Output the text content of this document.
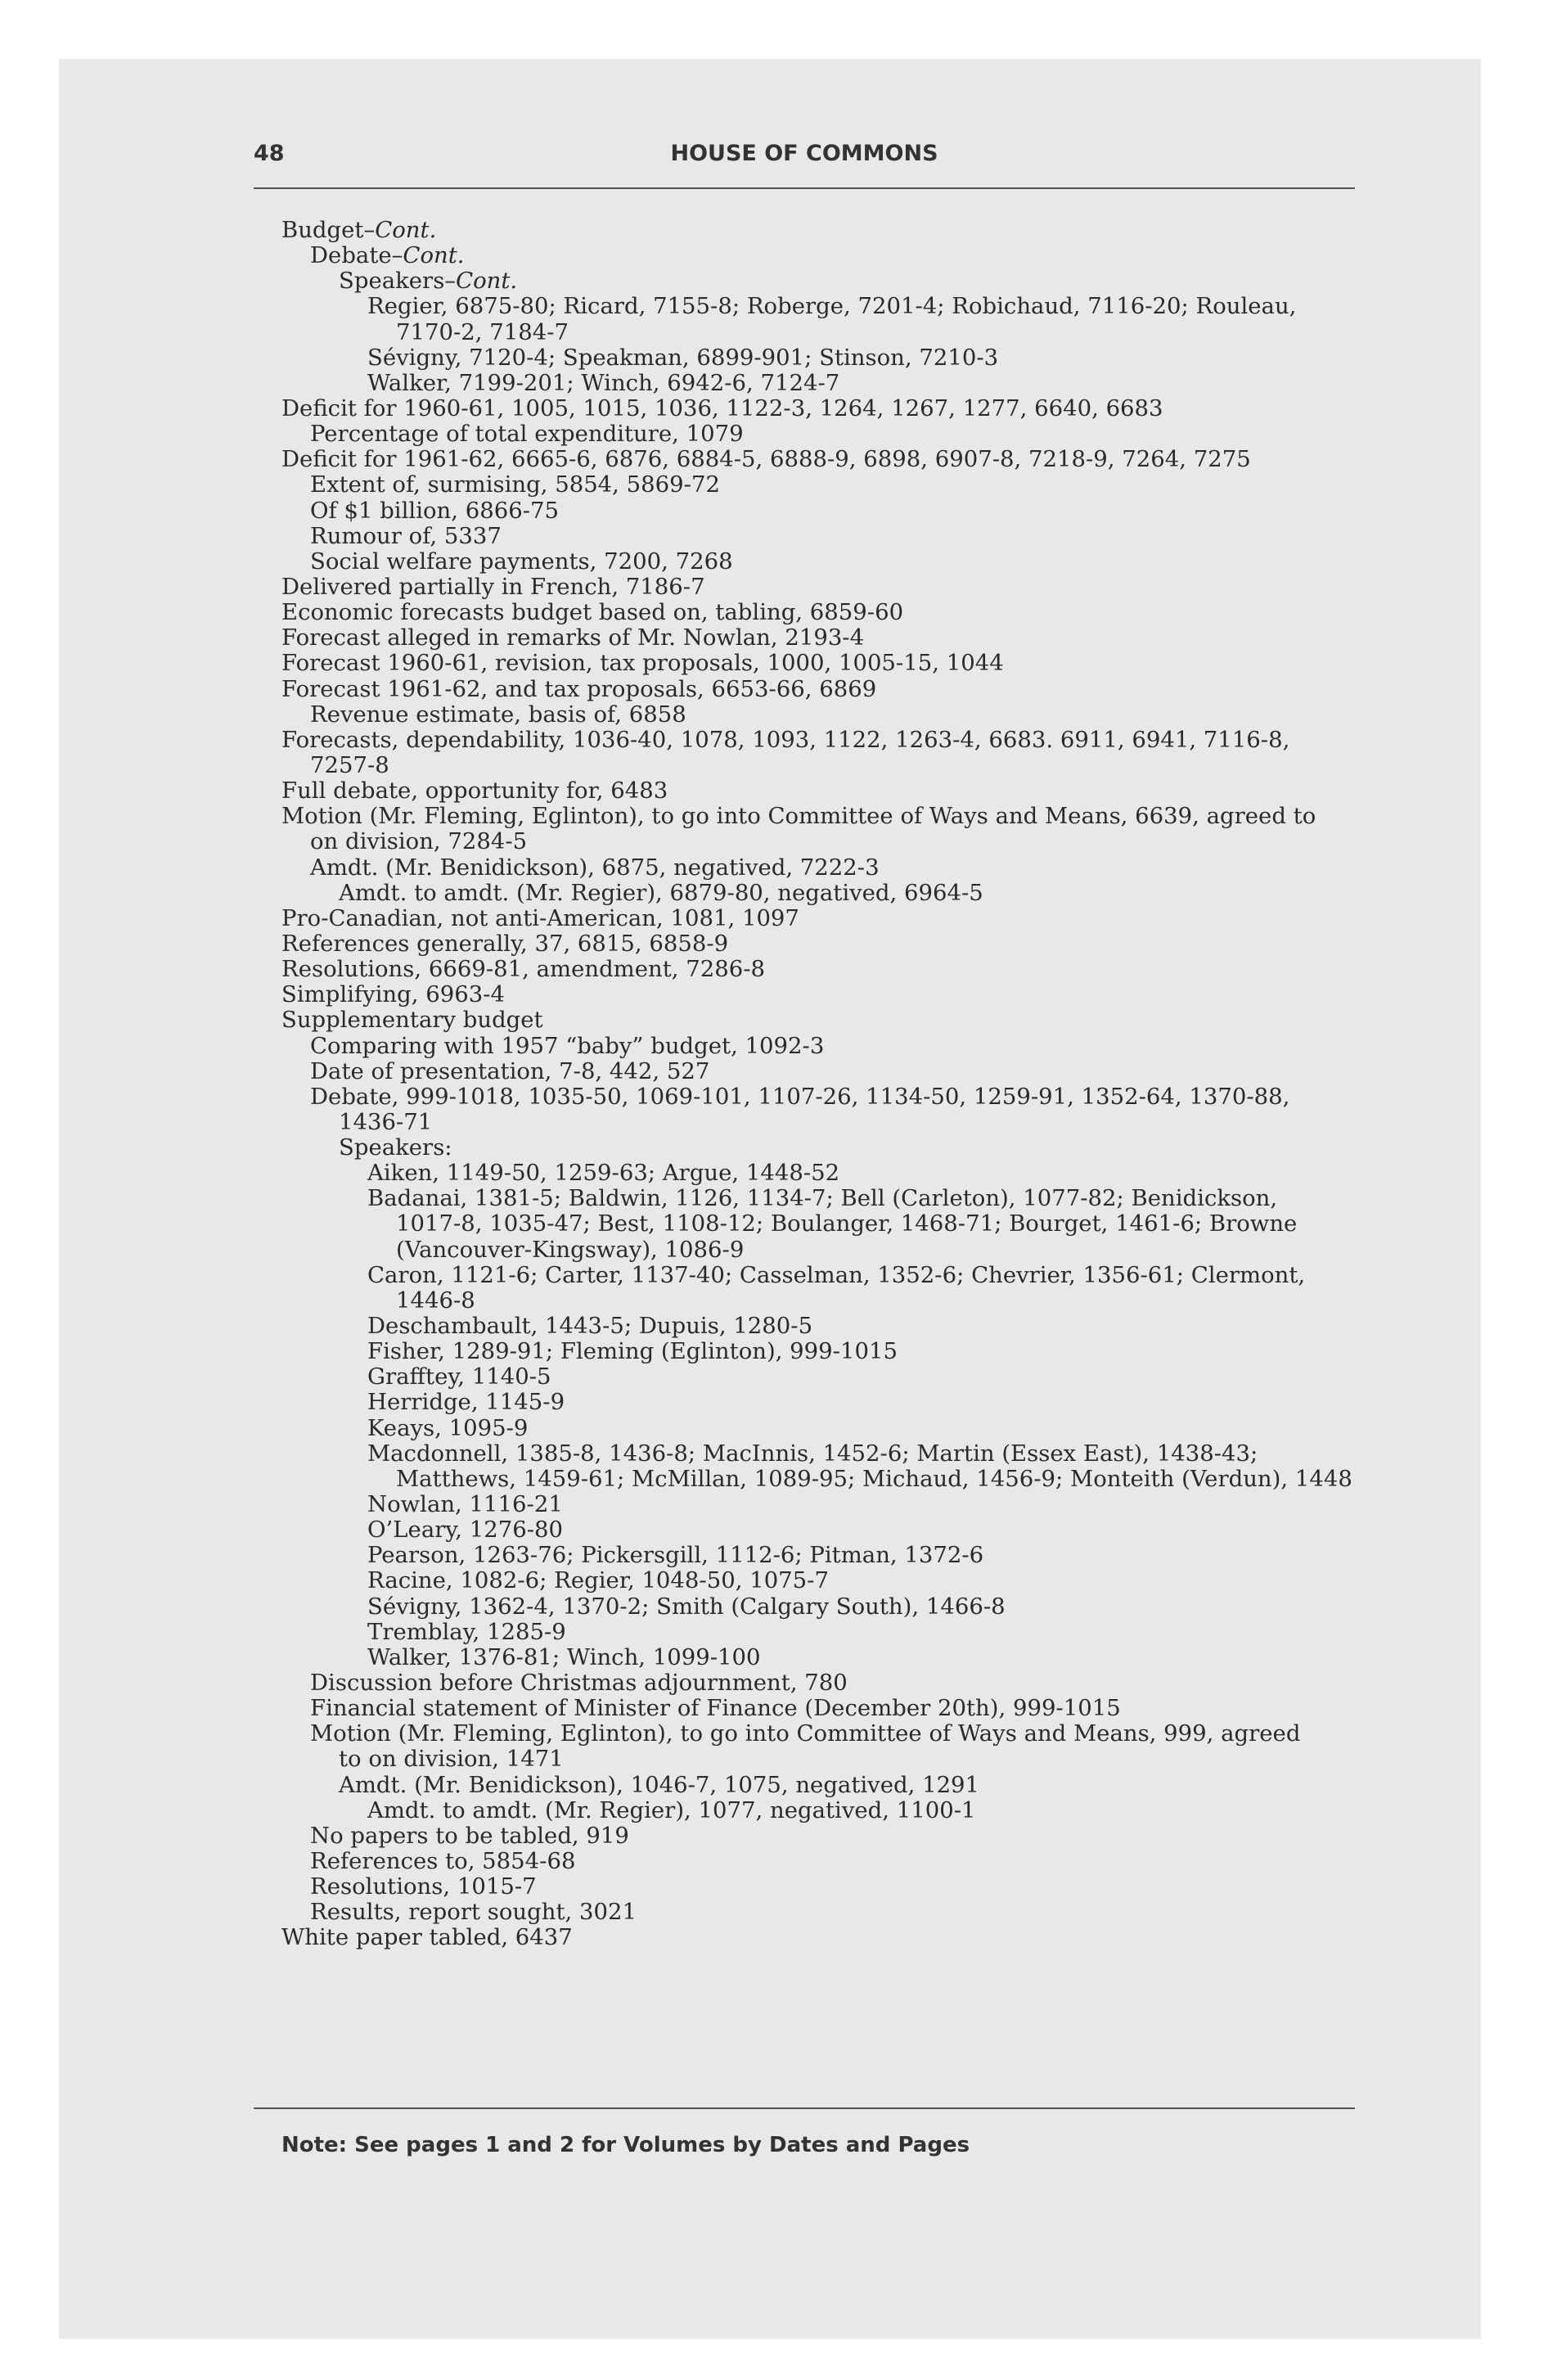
48	HOUSE OF COMMONS
Budget–Cont.
Debate–Cont.
Speakers–Cont.
Regier, 6875-80; Ricard, 7155-8; Roberge, 7201-4; Robichaud, 7116-20; Rouleau,
7170-2, 7184-7
Sévigny, 7120-4; Speakman, 6899-901; Stinson, 7210-3
Walker, 7199-201; Winch, 6942-6, 7124-7
Deficit for 1960-61, 1005, 1015, 1036, 1122-3, 1264, 1267, 1277, 6640, 6683
Percentage of total expenditure, 1079
Deficit for 1961-62, 6665-6, 6876, 6884-5, 6888-9, 6898, 6907-8, 7218-9, 7264, 7275
Extent of, surmising, 5854, 5869-72
Of $1 billion, 6866-75
Rumour of, 5337
Social welfare payments, 7200, 7268
Delivered partially in French, 7186-7
Economic forecasts budget based on, tabling, 6859-60
Forecast alleged in remarks of Mr. Nowlan, 2193-4
Forecast 1960-61, revision, tax proposals, 1000, 1005-15, 1044
Forecast 1961-62, and tax proposals, 6653-66, 6869
Revenue estimate, basis of, 6858
Forecasts, dependability, 1036-40, 1078, 1093, 1122, 1263-4, 6683. 6911, 6941, 7116-8,
7257-8
Full debate, opportunity for, 6483
Motion (Mr. Fleming, Eglinton), to go into Committee of Ways and Means, 6639, agreed to
on division, 7284-5
Amdt. (Mr. Benidickson), 6875, negatived, 7222-3
Amdt. to amdt. (Mr. Regier), 6879-80, negatived, 6964-5
Pro-Canadian, not anti-American, 1081, 1097
References generally, 37, 6815, 6858-9
Resolutions, 6669-81, amendment, 7286-8
Simplifying, 6963-4
Supplementary budget
Comparing with 1957 “baby” budget, 1092-3
Date of presentation, 7-8, 442, 527
Debate, 999-1018, 1035-50, 1069-101, 1107-26, 1134-50, 1259-91, 1352-64, 1370-88,
1436-71
Speakers:
Aiken, 1149-50, 1259-63; Argue, 1448-52
Badanai, 1381-5; Baldwin, 1126, 1134-7; Bell (Carleton), 1077-82; Benidickson,
1017-8, 1035-47; Best, 1108-12; Boulanger, 1468-71; Bourget, 1461-6; Browne
(Vancouver-Kingsway), 1086-9
Caron, 1121-6; Carter, 1137-40; Casselman, 1352-6; Chevrier, 1356-61; Clermont,
1446-8
Deschambault, 1443-5; Dupuis, 1280-5
Fisher, 1289-91; Fleming (Eglinton), 999-1015
Grafftey, 1140-5
Herridge, 1145-9
Keays, 1095-9
Macdonnell, 1385-8, 1436-8; MacInnis, 1452-6; Martin (Essex East), 1438-43;
Matthews, 1459-61; McMillan, 1089-95; Michaud, 1456-9; Monteith (Verdun), 1448
Nowlan, 1116-21
O’Leary, 1276-80
Pearson, 1263-76; Pickersgill, 1112-6; Pitman, 1372-6
Racine, 1082-6; Regier, 1048-50, 1075-7
Sévigny, 1362-4, 1370-2; Smith (Calgary South), 1466-8
Tremblay, 1285-9
Walker, 1376-81; Winch, 1099-100
Discussion before Christmas adjournment, 780
Financial statement of Minister of Finance (December 20th), 999-1015
Motion (Mr. Fleming, Eglinton), to go into Committee of Ways and Means, 999, agreed
to on division, 1471
Amdt. (Mr. Benidickson), 1046-7, 1075, negatived, 1291
Amdt. to amdt. (Mr. Regier), 1077, negatived, 1100-1
No papers to be tabled, 919
References to, 5854-68
Resolutions, 1015-7
Results, report sought, 3021
White paper tabled, 6437
Note: See pages 1 and 2 for Volumes by Dates and Pages
